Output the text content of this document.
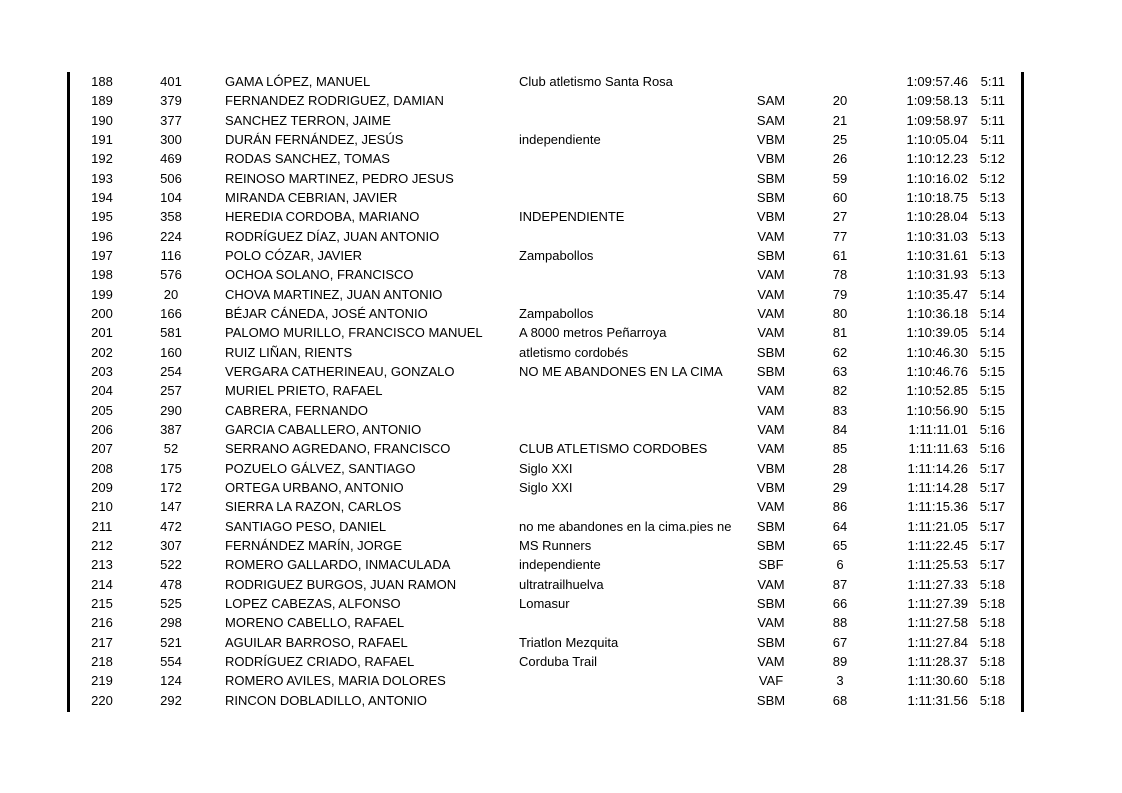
188	401	GAMA LÓPEZ, MANUEL	Club atletismo Santa Rosa	1:09:57.46 5:11
189	379	FERNANDEZ RODRIGUEZ, DAMIAN	SAM	20	1:09:58.13 5:11
190	377	SANCHEZ TERRON, JAIME	SAM	21	1:09:58.97 5:11
191	300	DURÁN FERNÁNDEZ, JESÚS	independiente	VBM	25	1:10:05.04 5:11
192	469	RODAS SANCHEZ, TOMAS	VBM	26	1:10:12.23 5:12
193	506	REINOSO MARTINEZ, PEDRO JESUS	SBM	59	1:10:16.02 5:12
194	104	MIRANDA CEBRIAN, JAVIER	SBM	60	1:10:18.75 5:13
195	358	HEREDIA CORDOBA, MARIANO	INDEPENDIENTE	VBM	27	1:10:28.04 5:13
196	224	RODRÍGUEZ DÍAZ, JUAN ANTONIO	VAM	77	1:10:31.03 5:13
197	116	POLO CÓZAR, JAVIER	Zampabollos	SBM	61	1:10:31.61 5:13
198	576	OCHOA SOLANO, FRANCISCO	VAM	78	1:10:31.93 5:13
199	20	CHOVA MARTINEZ, JUAN ANTONIO	VAM	79	1:10:35.47 5:14
200	166	BÉJAR CÁNEDA, JOSÉ ANTONIO	Zampabollos	VAM	80	1:10:36.18 5:14
201	581	PALOMO MURILLO, FRANCISCO MANUEL	A 8000 metros Peñarroya	VAM	81	1:10:39.05 5:14
202	160	RUIZ LIÑAN, RIENTS	atletismo cordobés	SBM	62	1:10:46.30 5:15
203	254	VERGARA CATHERINEAU, GONZALO	NO ME ABANDONES EN LA CIMA	SBM	63	1:10:46.76 5:15
204	257	MURIEL PRIETO, RAFAEL	VAM	82	1:10:52.85 5:15
205	290	CABRERA, FERNANDO	VAM	83	1:10:56.90 5:15
206	387	GARCIA CABALLERO, ANTONIO	VAM	84	1:11:11.01 5:16
207	52	SERRANO AGREDANO, FRANCISCO	CLUB ATLETISMO CORDOBES	VAM	85	1:11:11.63 5:16
208	175	POZUELO GÁLVEZ, SANTIAGO	Siglo XXI	VBM	28	1:11:14.26 5:17
209	172	ORTEGA URBANO, ANTONIO	Siglo XXI	VBM	29	1:11:14.28 5:17
210	147	SIERRA LA RAZON, CARLOS	VAM	86	1:11:15.36 5:17
211	472	SANTIAGO PESO, DANIEL	no me abandones en la cima.pies ne	SBM	64	1:11:21.05 5:17
212	307	FERNÁNDEZ MARÍN, JORGE	MS Runners	SBM	65	1:11:22.45 5:17
213	522	ROMERO GALLARDO, INMACULADA	independiente	SBF	6	1:11:25.53 5:17
214	478	RODRIGUEZ BURGOS, JUAN RAMON	ultratrailhuelva	VAM	87	1:11:27.33 5:18
215	525	LOPEZ CABEZAS, ALFONSO	Lomasur	SBM	66	1:11:27.39 5:18
216	298	MORENO CABELLO, RAFAEL	VAM	88	1:11:27.58 5:18
217	521	AGUILAR BARROSO, RAFAEL	Triatlon Mezquita	SBM	67	1:11:27.84 5:18
218	554	RODRÍGUEZ CRIADO, RAFAEL	Corduba Trail	VAM	89	1:11:28.37 5:18
219	124	ROMERO AVILES, MARIA DOLORES	VAF	3	1:11:30.60 5:18
220	292	RINCON DOBLADILLO, ANTONIO	SBM	68	1:11:31.56 5:18
